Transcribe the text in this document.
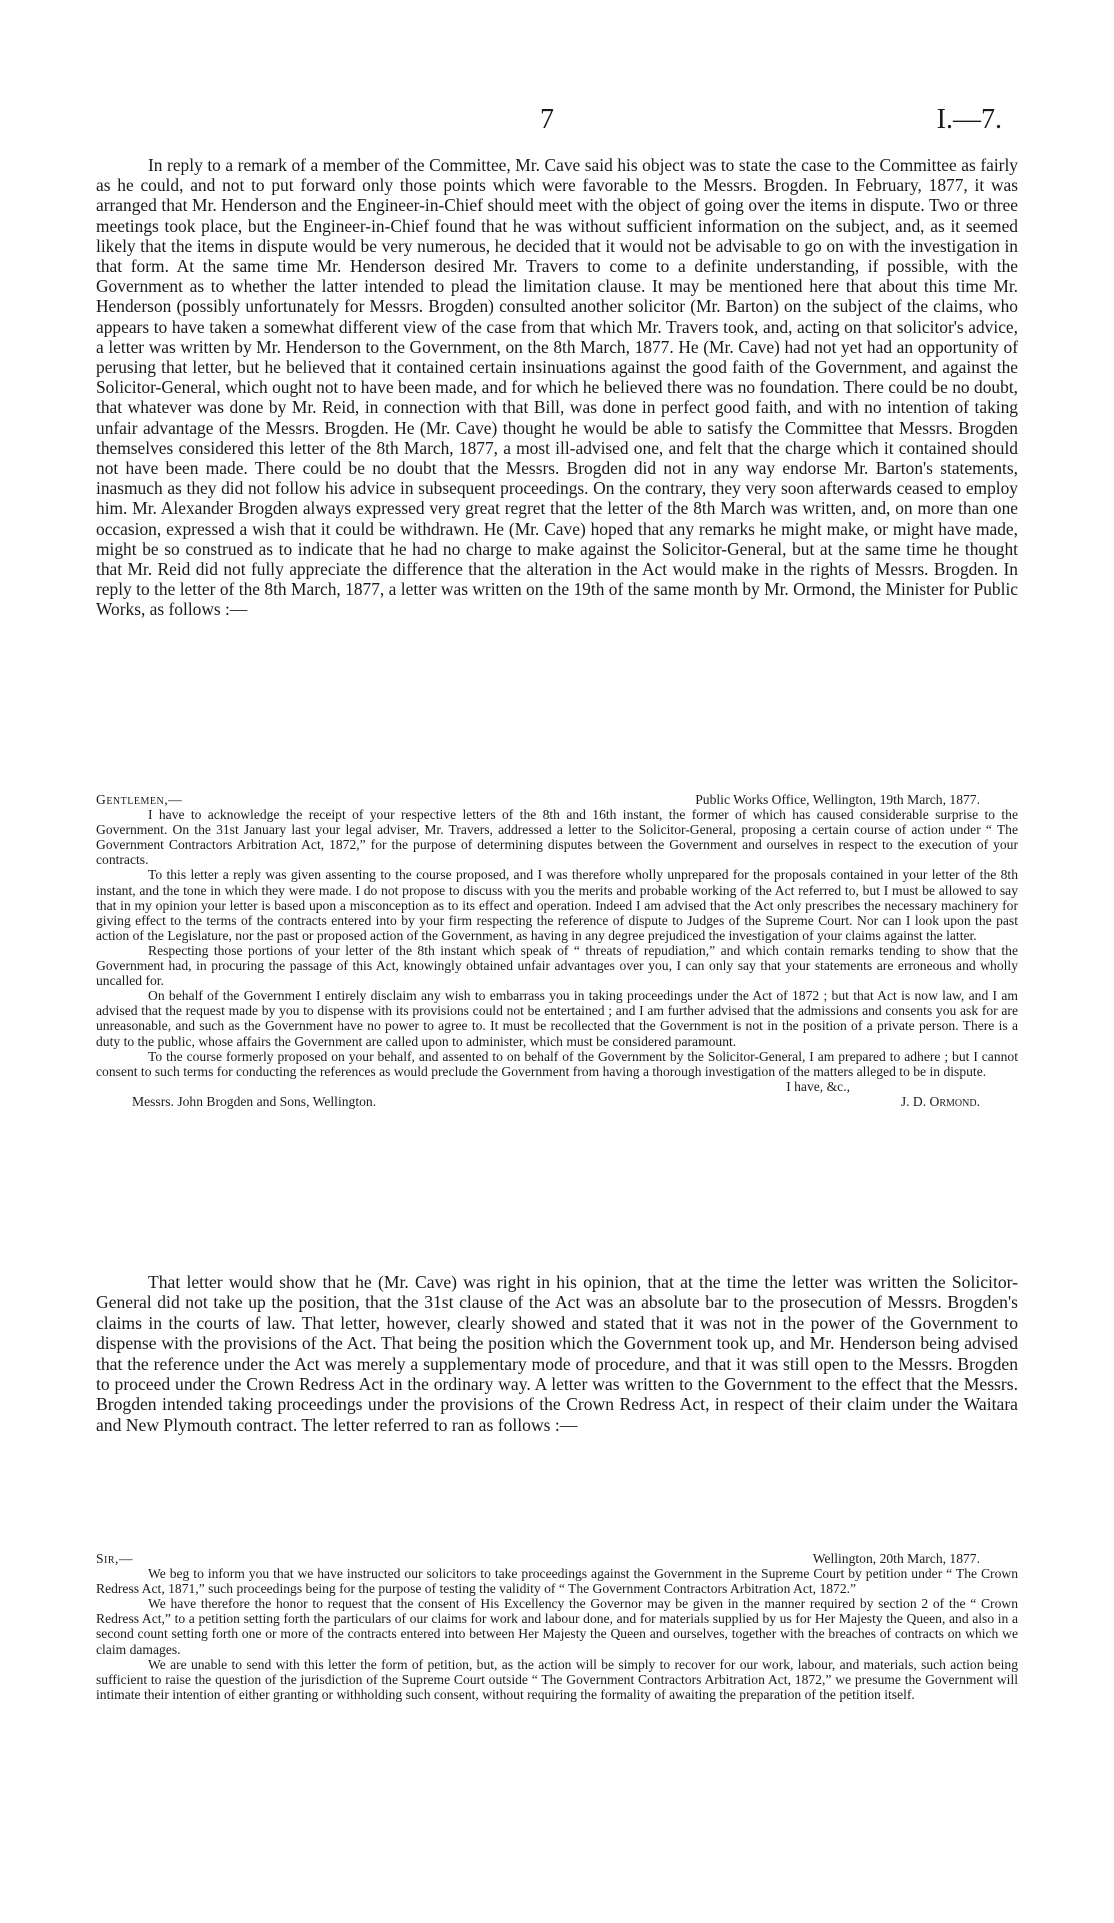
7	I.—7.

In reply to a remark of a member of the Committee, Mr. Cave said his object was to state the case to the Committee as fairly as he could, and not to put forward only those points which were favorable to the Messrs. Brogden. In February, 1877, it was arranged that Mr. Henderson and the Engineer-in-Chief should meet with the object of going over the items in dispute. Two or three meetings took place, but the Engineer-in-Chief found that he was without sufficient information on the subject, and, as it seemed likely that the items in dispute would be very numerous, he decided that it would not be advisable to go on with the investigation in that form. At the same time Mr. Henderson desired Mr. Travers to come to a definite understanding, if possible, with the Government as to whether the latter intended to plead the limitation clause. It may be mentioned here that about this time Mr. Henderson (possibly unfortunately for Messrs. Brogden) consulted another solicitor (Mr. Barton) on the subject of the claims, who appears to have taken a somewhat different view of the case from that which Mr. Travers took, and, acting on that solicitor's advice, a letter was written by Mr. Henderson to the Government, on the 8th March, 1877. He (Mr. Cave) had not yet had an opportunity of perusing that letter, but he believed that it contained certain insinuations against the good faith of the Government, and against the Solicitor-General, which ought not to have been made, and for which he believed there was no foundation. There could be no doubt, that whatever was done by Mr. Reid, in connection with that Bill, was done in perfect good faith, and with no intention of taking unfair advantage of the Messrs. Brogden. He (Mr. Cave) thought he would be able to satisfy the Committee that Messrs. Brogden themselves considered this letter of the 8th March, 1877, a most ill-advised one, and felt that the charge which it contained should not have been made. There could be no doubt that the Messrs. Brogden did not in any way endorse Mr. Barton's statements, inasmuch as they did not follow his advice in subsequent proceedings. On the contrary, they very soon afterwards ceased to employ him. Mr. Alexander Brogden always expressed very great regret that the letter of the 8th March was written, and, on more than one occasion, expressed a wish that it could be withdrawn. He (Mr. Cave) hoped that any remarks he might make, or might have made, might be so construed as to indicate that he had no charge to make against the Solicitor-General, but at the same time he thought that Mr. Reid did not fully appreciate the difference that the alteration in the Act would make in the rights of Messrs. Brogden. In reply to the letter of the 8th March, 1877, a letter was written on the 19th of the same month by Mr. Ormond, the Minister for Public Works, as follows :—

Gentlemen,—	Public Works Office, Wellington, 19th March, 1877.

I have to acknowledge the receipt of your respective letters of the 8th and 16th instant, the former of which has caused considerable surprise to the Government. On the 31st January last your legal adviser, Mr. Travers, addressed a letter to the Solicitor-General, proposing a certain course of action under “ The Government Contractors Arbitration Act, 1872,” for the purpose of determining disputes between the Government and ourselves in respect to the execution of your contracts.

To this letter a reply was given assenting to the course proposed, and I was therefore wholly unprepared for the proposals contained in your letter of the 8th instant, and the tone in which they were made. I do not propose to discuss with you the merits and probable working of the Act referred to, but I must be allowed to say that in my opinion your letter is based upon a misconception as to its effect and operation. Indeed I am advised that the Act only prescribes the necessary machinery for giving effect to the terms of the contracts entered into by your firm respecting the reference of dispute to Judges of the Supreme Court. Nor can I look upon the past action of the Legislature, nor the past or proposed action of the Government, as having in any degree prejudiced the investigation of your claims against the latter.

Respecting those portions of your letter of the 8th instant which speak of “ threats of repudiation,” and which contain remarks tending to show that the Government had, in procuring the passage of this Act, knowingly obtained unfair advantages over you, I can only say that your statements are erroneous and wholly uncalled for.

On behalf of the Government I entirely disclaim any wish to embarrass you in taking proceedings under the Act of 1872 ; but that Act is now law, and I am advised that the request made by you to dispense with its provisions could not be entertained ; and I am further advised that the admissions and consents you ask for are unreasonable, and such as the Government have no power to agree to. It must be recollected that the Government is not in the position of a private person. There is a duty to the public, whose affairs the Government are called upon to administer, which must be considered paramount.

To the course formerly proposed on your behalf, and assented to on behalf of the Government by the Solicitor-General, I am prepared to adhere ; but I cannot consent to such terms for conducting the references as would preclude the Government from having a thorough investigation of the matters alleged to be in dispute.

I have, &c.,

Messrs. John Brogden and Sons, Wellington.	J. D. Ormond.

That letter would show that he (Mr. Cave) was right in his opinion, that at the time the letter was written the Solicitor-General did not take up the position, that the 31st clause of the Act was an absolute bar to the prosecution of Messrs. Brogden's claims in the courts of law. That letter, however, clearly showed and stated that it was not in the power of the Government to dispense with the provisions of the Act. That being the position which the Government took up, and Mr. Henderson being advised that the reference under the Act was merely a supplementary mode of procedure, and that it was still open to the Messrs. Brogden to proceed under the Crown Redress Act in the ordinary way. A letter was written to the Government to the effect that the Messrs. Brogden intended taking proceedings under the provisions of the Crown Redress Act, in respect of their claim under the Waitara and New Plymouth contract. The letter referred to ran as follows :—

Sir,—	Wellington, 20th March, 1877.

We beg to inform you that we have instructed our solicitors to take proceedings against the Government in the Supreme Court by petition under “ The Crown Redress Act, 1871,” such proceedings being for the purpose of testing the validity of “ The Government Contractors Arbitration Act, 1872.”

We have therefore the honor to request that the consent of His Excellency the Governor may be given in the manner required by section 2 of the “ Crown Redress Act,” to a petition setting forth the particulars of our claims for work and labour done, and for materials supplied by us for Her Majesty the Queen, and also in a second count setting forth one or more of the contracts entered into between Her Majesty the Queen and ourselves, together with the breaches of contracts on which we claim damages.

We are unable to send with this letter the form of petition, but, as the action will be simply to recover for our work, labour, and materials, such action being sufficient to raise the question of the jurisdiction of the Supreme Court outside “ The Government Contractors Arbitration Act, 1872,” we presume the Government will intimate their intention of either granting or withholding such consent, without requiring the formality of awaiting the preparation of the petition itself.
